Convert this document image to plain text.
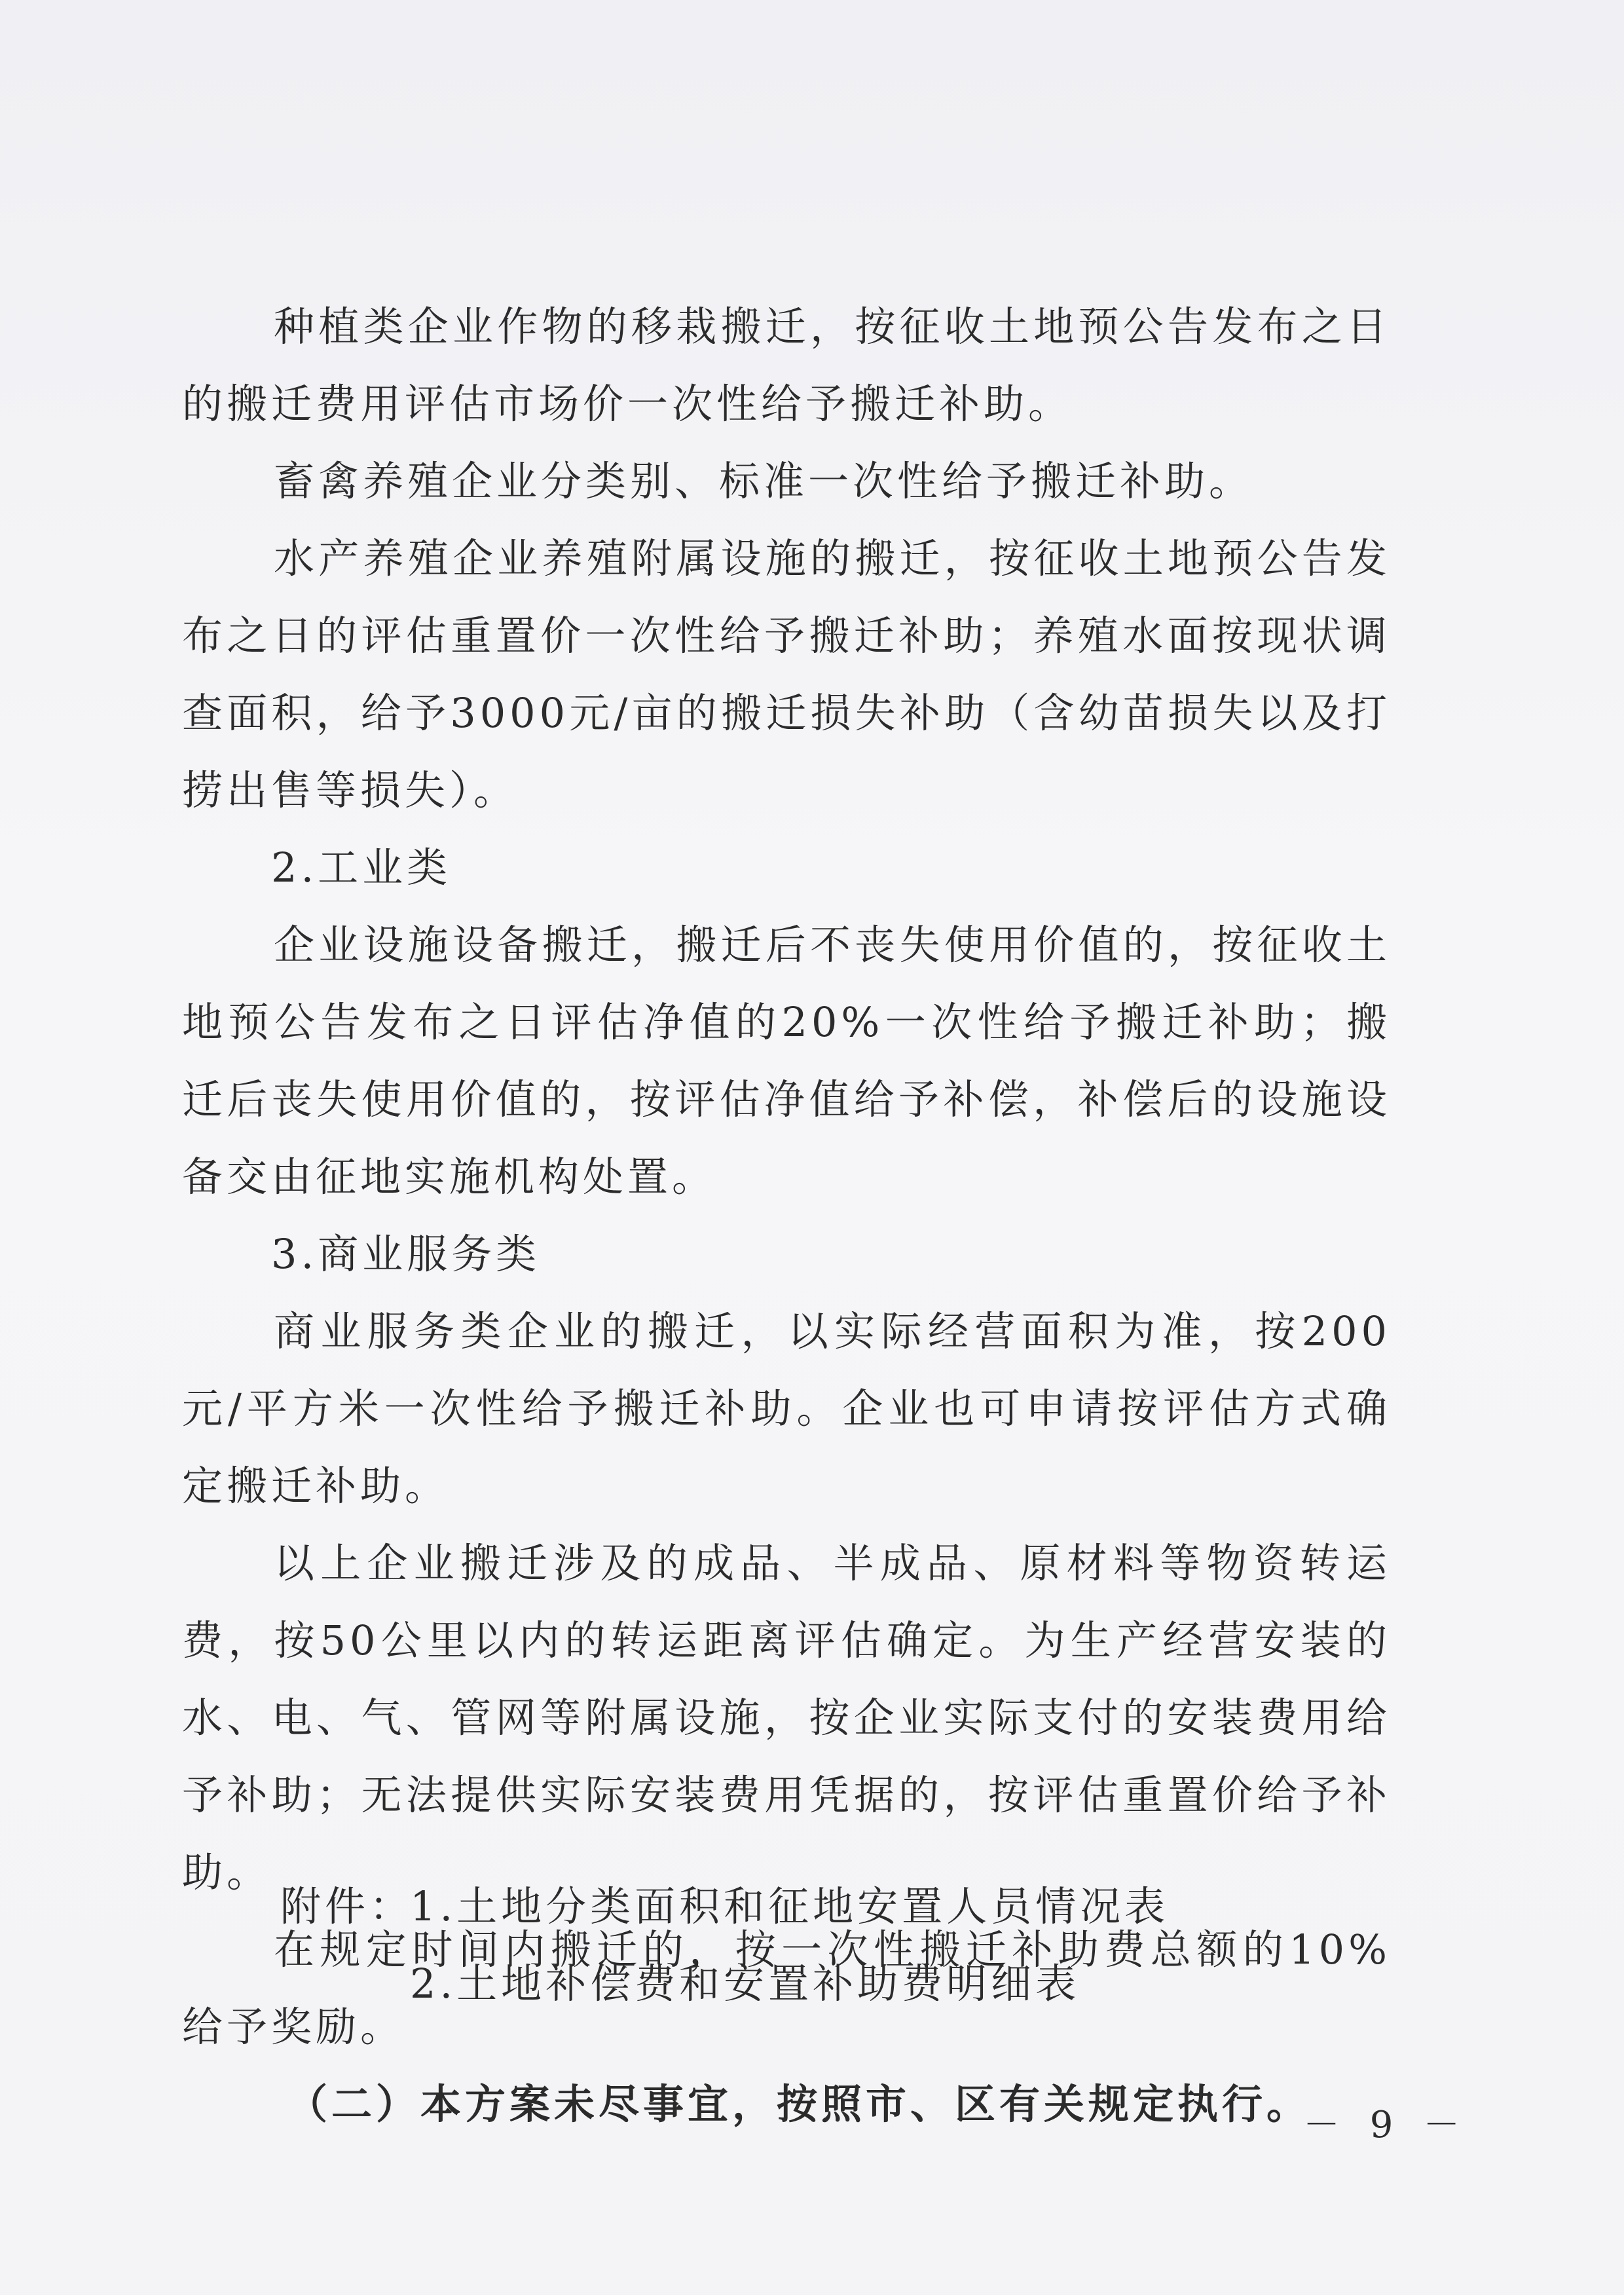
种植类企业作物的移栽搬迁，按征收土地预公告发布之日的搬迁费用评估市场价一次性给予搬迁补助。

畜禽养殖企业分类别、标准一次性给予搬迁补助。

水产养殖企业养殖附属设施的搬迁，按征收土地预公告发布之日的评估重置价一次性给予搬迁补助；养殖水面按现状调查面积，给予3000元/亩的搬迁损失补助（含幼苗损失以及打捞出售等损失）。

2.工业类

企业设施设备搬迁，搬迁后不丧失使用价值的，按征收土地预公告发布之日评估净值的20%一次性给予搬迁补助；搬迁后丧失使用价值的，按评估净值给予补偿，补偿后的设施设备交由征地实施机构处置。

3.商业服务类

商业服务类企业的搬迁，以实际经营面积为准，按200元/平方米一次性给予搬迁补助。企业也可申请按评估方式确定搬迁补助。

以上企业搬迁涉及的成品、半成品、原材料等物资转运费，按50公里以内的转运距离评估确定。为生产经营安装的水、电、气、管网等附属设施，按企业实际支付的安装费用给予补助；无法提供实际安装费用凭据的，按评估重置价给予补助。

在规定时间内搬迁的，按一次性搬迁补助费总额的10%给予奖励。

（二）本方案未尽事宜，按照市、区有关规定执行。

附件：
1.土地分类面积和征地安置人员情况表
2.土地补偿费和安置补助费明细表
－ 9 －
